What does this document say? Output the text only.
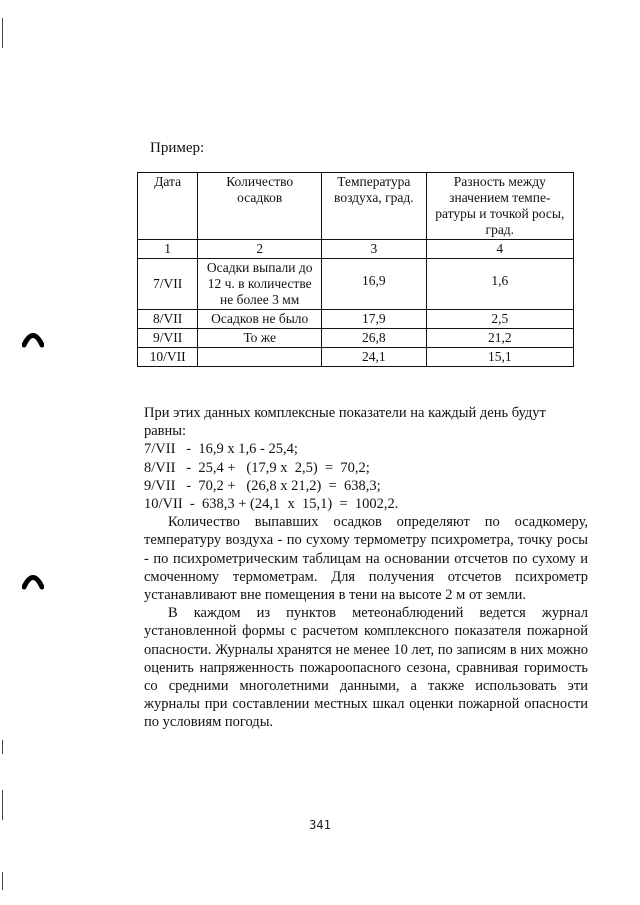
Пример:
Дата	Количество осадков	Температура воздуха, град.	Разность между значением темпе-ратуры и точкой росы, град.
1	2	3	4
7/VII	Осадки выпали до 12 ч. в количестве не более 3 мм	16,9	1,6
8/VII	Осадков не было	17,9	2,5
9/VII	То же	26,8	21,2
10/VII		24,1	15,1

При этих данных комплексные показатели на каждый день будут равны:

7/VII   -  16,9 х 1,6 - 25,4;

8/VII   -  25,4 +   (17,9 х  2,5)  =  70,2;

9/VII   -  70,2 +   (26,8 х 21,2)  =  638,3;

10/VII  -  638,3 + (24,1  х  15,1)  =  1002,2.

Количество выпавших осадков определяют по осадкомеру, температуру воздуха - по сухому термометру психрометра, точку росы - по психрометрическим таблицам на основании отсчетов по сухому и смоченному термометрам. Для получения отсчетов психрометр устанавливают вне помещения в тени на высоте 2 м от земли.

В каждом из пунктов метеонаблюдений ведется журнал установленной формы с расчетом комплексного показателя пожарной опасности. Журналы хранятся не менее 10 лет, по записям в них можно оценить напряженность пожароопасного сезона, сравнивая горимость со средними многолетними данными, а также использовать эти журналы при составлении местных шкал оценки пожарной опасности по условиям погоды.

341
